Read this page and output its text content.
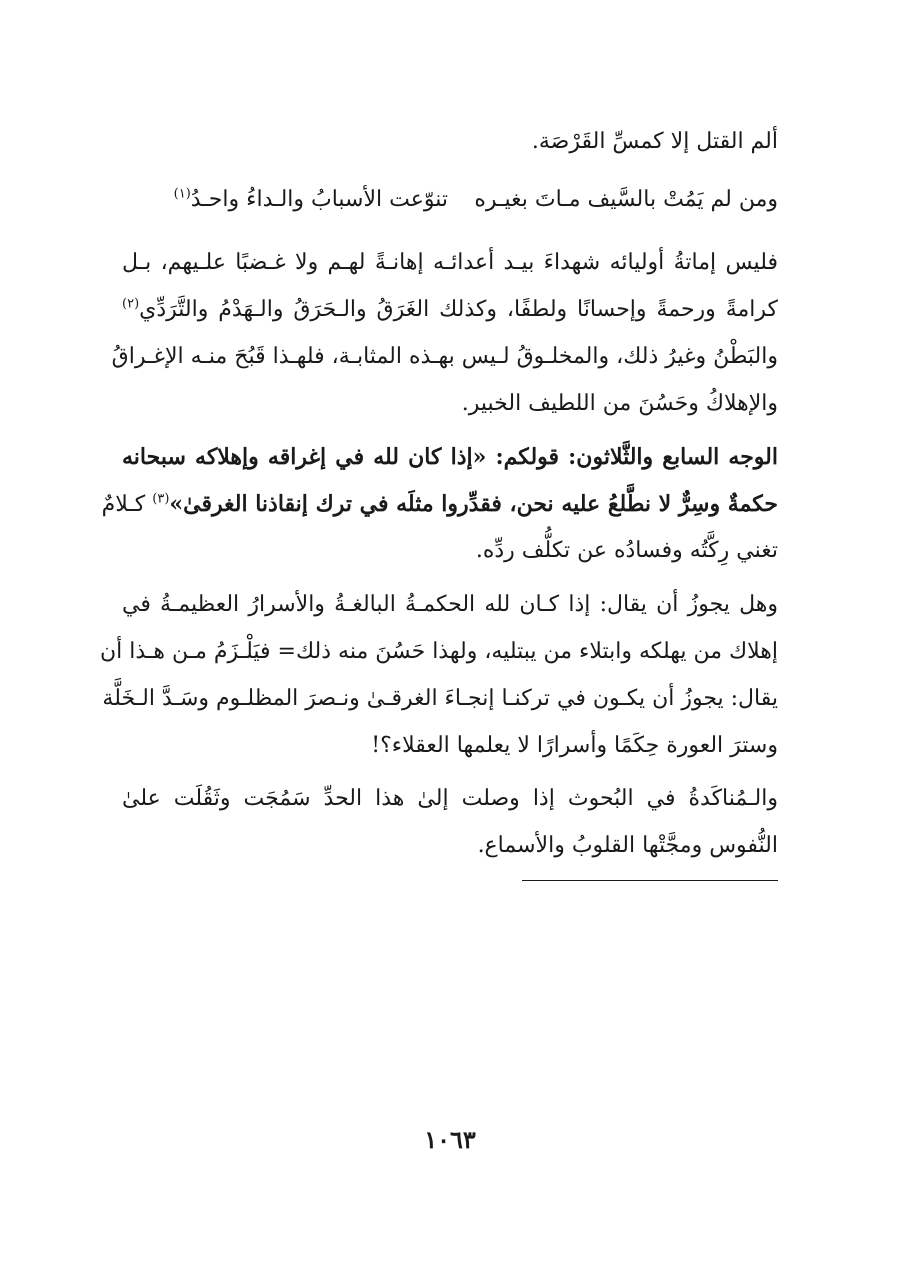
ألم القتل إلا كمسِّ القَرْصَة.
ومن لم يَمُتْ بالسَّيف مـاتَ بغيـره
تنوّعت الأسبابُ والـداءُ واحـدُ$^{(١)}$
فليس إماتةُ أوليائه شهداءَ بيـد أعدائـه إهانـةً لهـم ولا غـضبًا علـيهم، بـل
كرامةً ورحمةً وإحسانًا ولطفًا، وكذلك الغَرَقُ والـحَرَقُ والـهَدْمُ والتَّرَدِّي$^{(٢)}$
والبَطْنُ وغيرُ ذلك، والمخلـوقُ لـيس بهـذه المثابـة، فلهـذا قَبُحَ منـه الإغـراقُ
والإهلاكُ وحَسُنَ من اللطيف الخبير.
الوجه السابع والثَّلاثون: قولكم: «إذا كان لله في إغراقه وإهلاكه سبحانه
حكمةٌ وسِرٌّ لا نطَّلعُ عليه نحن، فقدِّروا مثلَه في ترك إنقاذنا الغرقىٰ»$^{(٣)}$ كـلامٌ
تغني رِكَّتُه وفسادُه عن تكلُّف ردِّه.
وهل يجوزُ أن يقال: إذا كـان لله الحكمـةُ البالغـةُ والأسرارُ العظيمـةُ في
إهلاك من يهلكه وابتلاء من يبتليه، ولهذا حَسُنَ منه ذلك= فيَلْـزَمُ مـن هـذا أن
يقال: يجوزُ أن يكـون في تركنـا إنجـاءَ الغرقـىٰ ونـصرَ المظلـوم وسَـدَّ الـخَلَّة
وسترَ العورة حِكَمًا وأسرارًا لا يعلمها العقلاء؟!
والـمُناكَدةُ في البُحوث إذا وصلت إلىٰ هذا الحدِّ سَمُجَت وثَقُلَت علىٰ
النُّفوس ومجَّتْها القلوبُ والأسماع.
١٠٦٣
